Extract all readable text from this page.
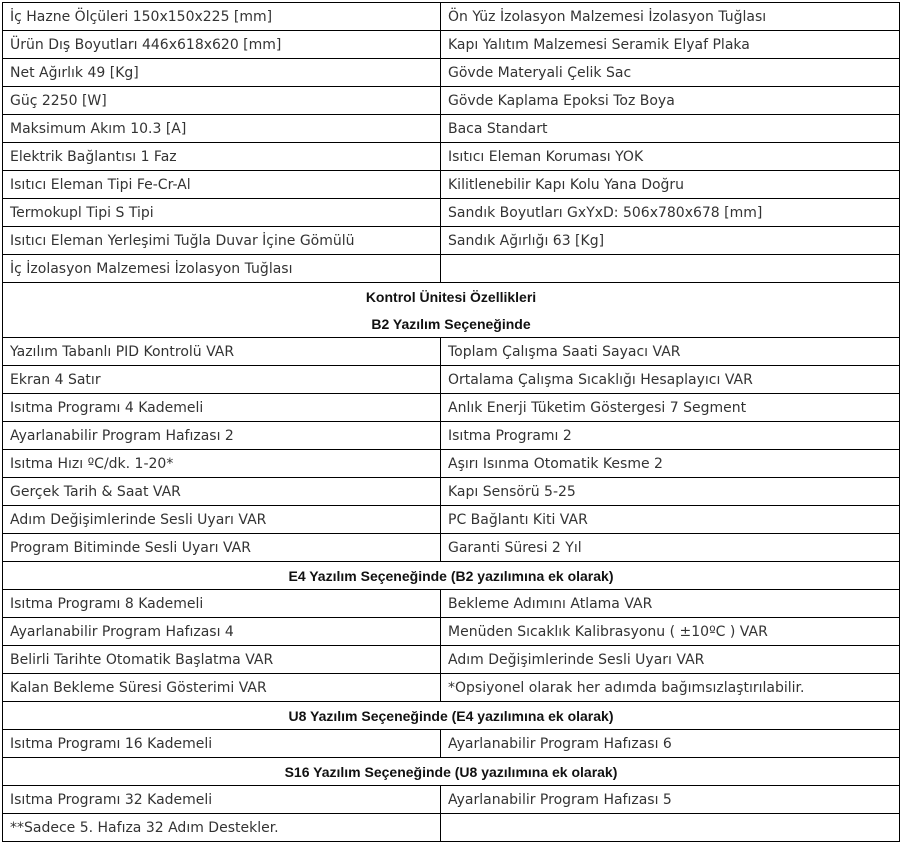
İç Hazne Ölçüleri 150x150x225 [mm]	Ön Yüz İzolasyon Malzemesi İzolasyon Tuğlası
Ürün Dış Boyutları 446x618x620 [mm]	Kapı Yalıtım Malzemesi Seramik Elyaf Plaka
Net Ağırlık 49 [Kg]	Gövde Materyali Çelik Sac
Güç 2250 [W]	Gövde Kaplama Epoksi Toz Boya
Maksimum Akım 10.3 [A]	Baca Standart
Elektrik Bağlantısı 1 Faz	Isıtıcı Eleman Koruması YOK
Isıtıcı Eleman Tipi Fe-Cr-Al	Kilitlenebilir Kapı Kolu Yana Doğru
Termokupl Tipi S Tipi	Sandık Boyutları GxYxD: 506x780x678 [mm]
Isıtıcı Eleman Yerleşimi Tuğla Duvar İçine Gömülü	Sandık Ağırlığı 63 [Kg]
İç İzolasyon Malzemesi İzolasyon Tuğlası	
Kontrol Ünitesi Özellikleri	
B2 Yazılım Seçeneğinde	
Yazılım Tabanlı PID Kontrolü VAR	Toplam Çalışma Saati Sayacı VAR
Ekran 4 Satır	Ortalama Çalışma Sıcaklığı Hesaplayıcı VAR
Isıtma Programı 4 Kademeli	Anlık Enerji Tüketim Göstergesi 7 Segment
Ayarlanabilir Program Hafızası 2	Isıtma Programı 2
Isıtma Hızı ºC/dk. 1-20*	Aşırı Isınma Otomatik Kesme 2
Gerçek Tarih & Saat VAR	Kapı Sensörü 5-25
Adım Değişimlerinde Sesli Uyarı VAR	PC Bağlantı Kiti VAR
Program Bitiminde Sesli Uyarı VAR	Garanti Süresi 2 Yıl
E4 Yazılım Seçeneğinde (B2 yazılımına ek olarak)	
Isıtma Programı 8 Kademeli	Bekleme Adımını Atlama VAR
Ayarlanabilir Program Hafızası 4	Menüden Sıcaklık Kalibrasyonu ( ±10ºC ) VAR
Belirli Tarihte Otomatik Başlatma VAR	Adım Değişimlerinde Sesli Uyarı VAR
Kalan Bekleme Süresi Gösterimi VAR	*Opsiyonel olarak her adımda bağımsızlaştırılabilir.
U8 Yazılım Seçeneğinde (E4 yazılımına ek olarak)	
Isıtma Programı 16 Kademeli	Ayarlanabilir Program Hafızası 6
S16 Yazılım Seçeneğinde (U8 yazılımına ek olarak)	
Isıtma Programı 32 Kademeli	Ayarlanabilir Program Hafızası 5
**Sadece 5. Hafıza 32 Adım Destekler.	
